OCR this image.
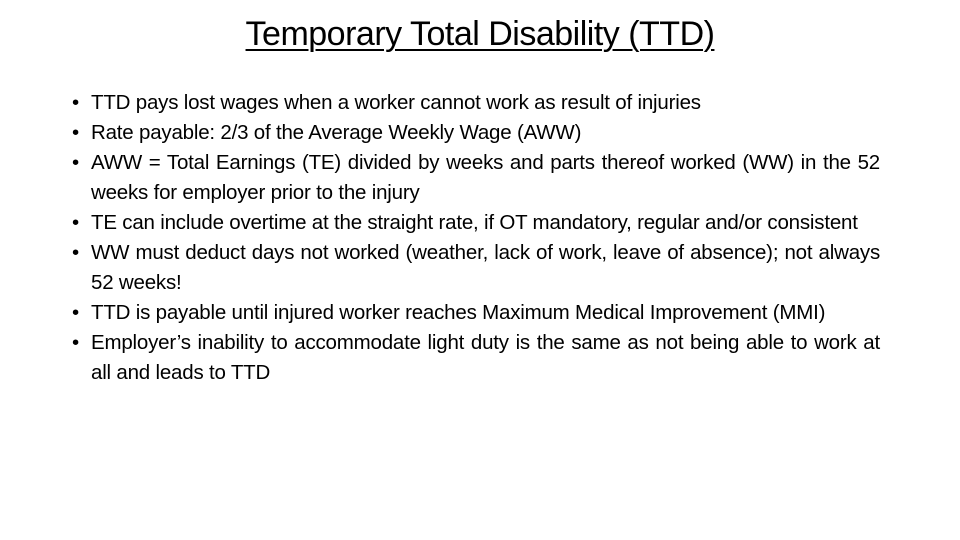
Temporary Total Disability (TTD)
• TTD pays lost wages when a worker cannot work as result of injuries
• Rate payable: 2/3 of the Average Weekly Wage (AWW)
• AWW = Total Earnings (TE) divided by weeks and parts thereof worked (WW) in the 52 weeks for employer prior to the injury
• TE can include overtime at the straight rate, if OT mandatory, regular and/or consistent
• WW must deduct days not worked (weather, lack of work, leave of absence); not always 52 weeks!
• TTD is payable until injured worker reaches Maximum Medical Improvement (MMI)
• Employer’s inability to accommodate light duty is the same as not being able to work at all and leads to TTD
